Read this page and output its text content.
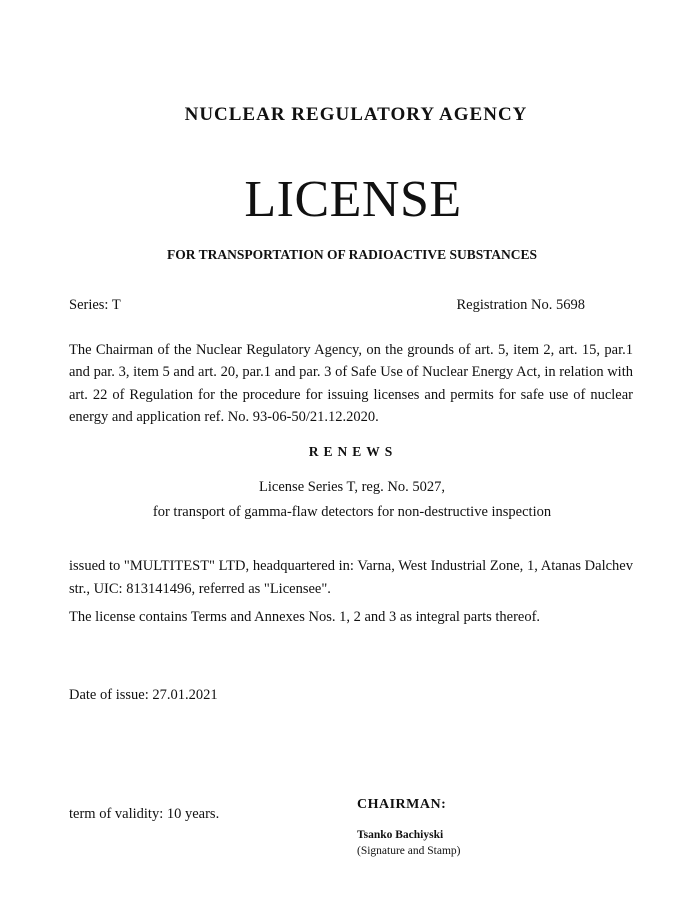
NUCLEAR REGULATORY AGENCY
LICENSE
FOR TRANSPORTATION OF RADIOACTIVE SUBSTANCES
Series: T	Registration No. 5698
The Chairman of the Nuclear Regulatory Agency, on the grounds of art. 5, item 2, art. 15, par.1 and par. 3, item 5 and art. 20, par.1 and par. 3 of Safe Use of Nuclear Energy Act, in relation with art. 22 of Regulation for the procedure for issuing licenses and permits for safe use of nuclear energy and application ref. No. 93-06-50/21.12.2020.
RENEWS
License Series T, reg. No. 5027,
for transport of gamma-flaw detectors for non-destructive inspection
issued to "MULTITEST" LTD, headquartered in: Varna, West Industrial Zone, 1, Atanas Dalchev str., UIC: 813141496, referred as "Licensee".
The license contains Terms and Annexes Nos. 1, 2 and 3 as integral parts thereof.
Date of issue: 27.01.2021
term of validity: 10 years.
CHAIRMAN:
Tsanko Bachiyski
(Signature and Stamp)
